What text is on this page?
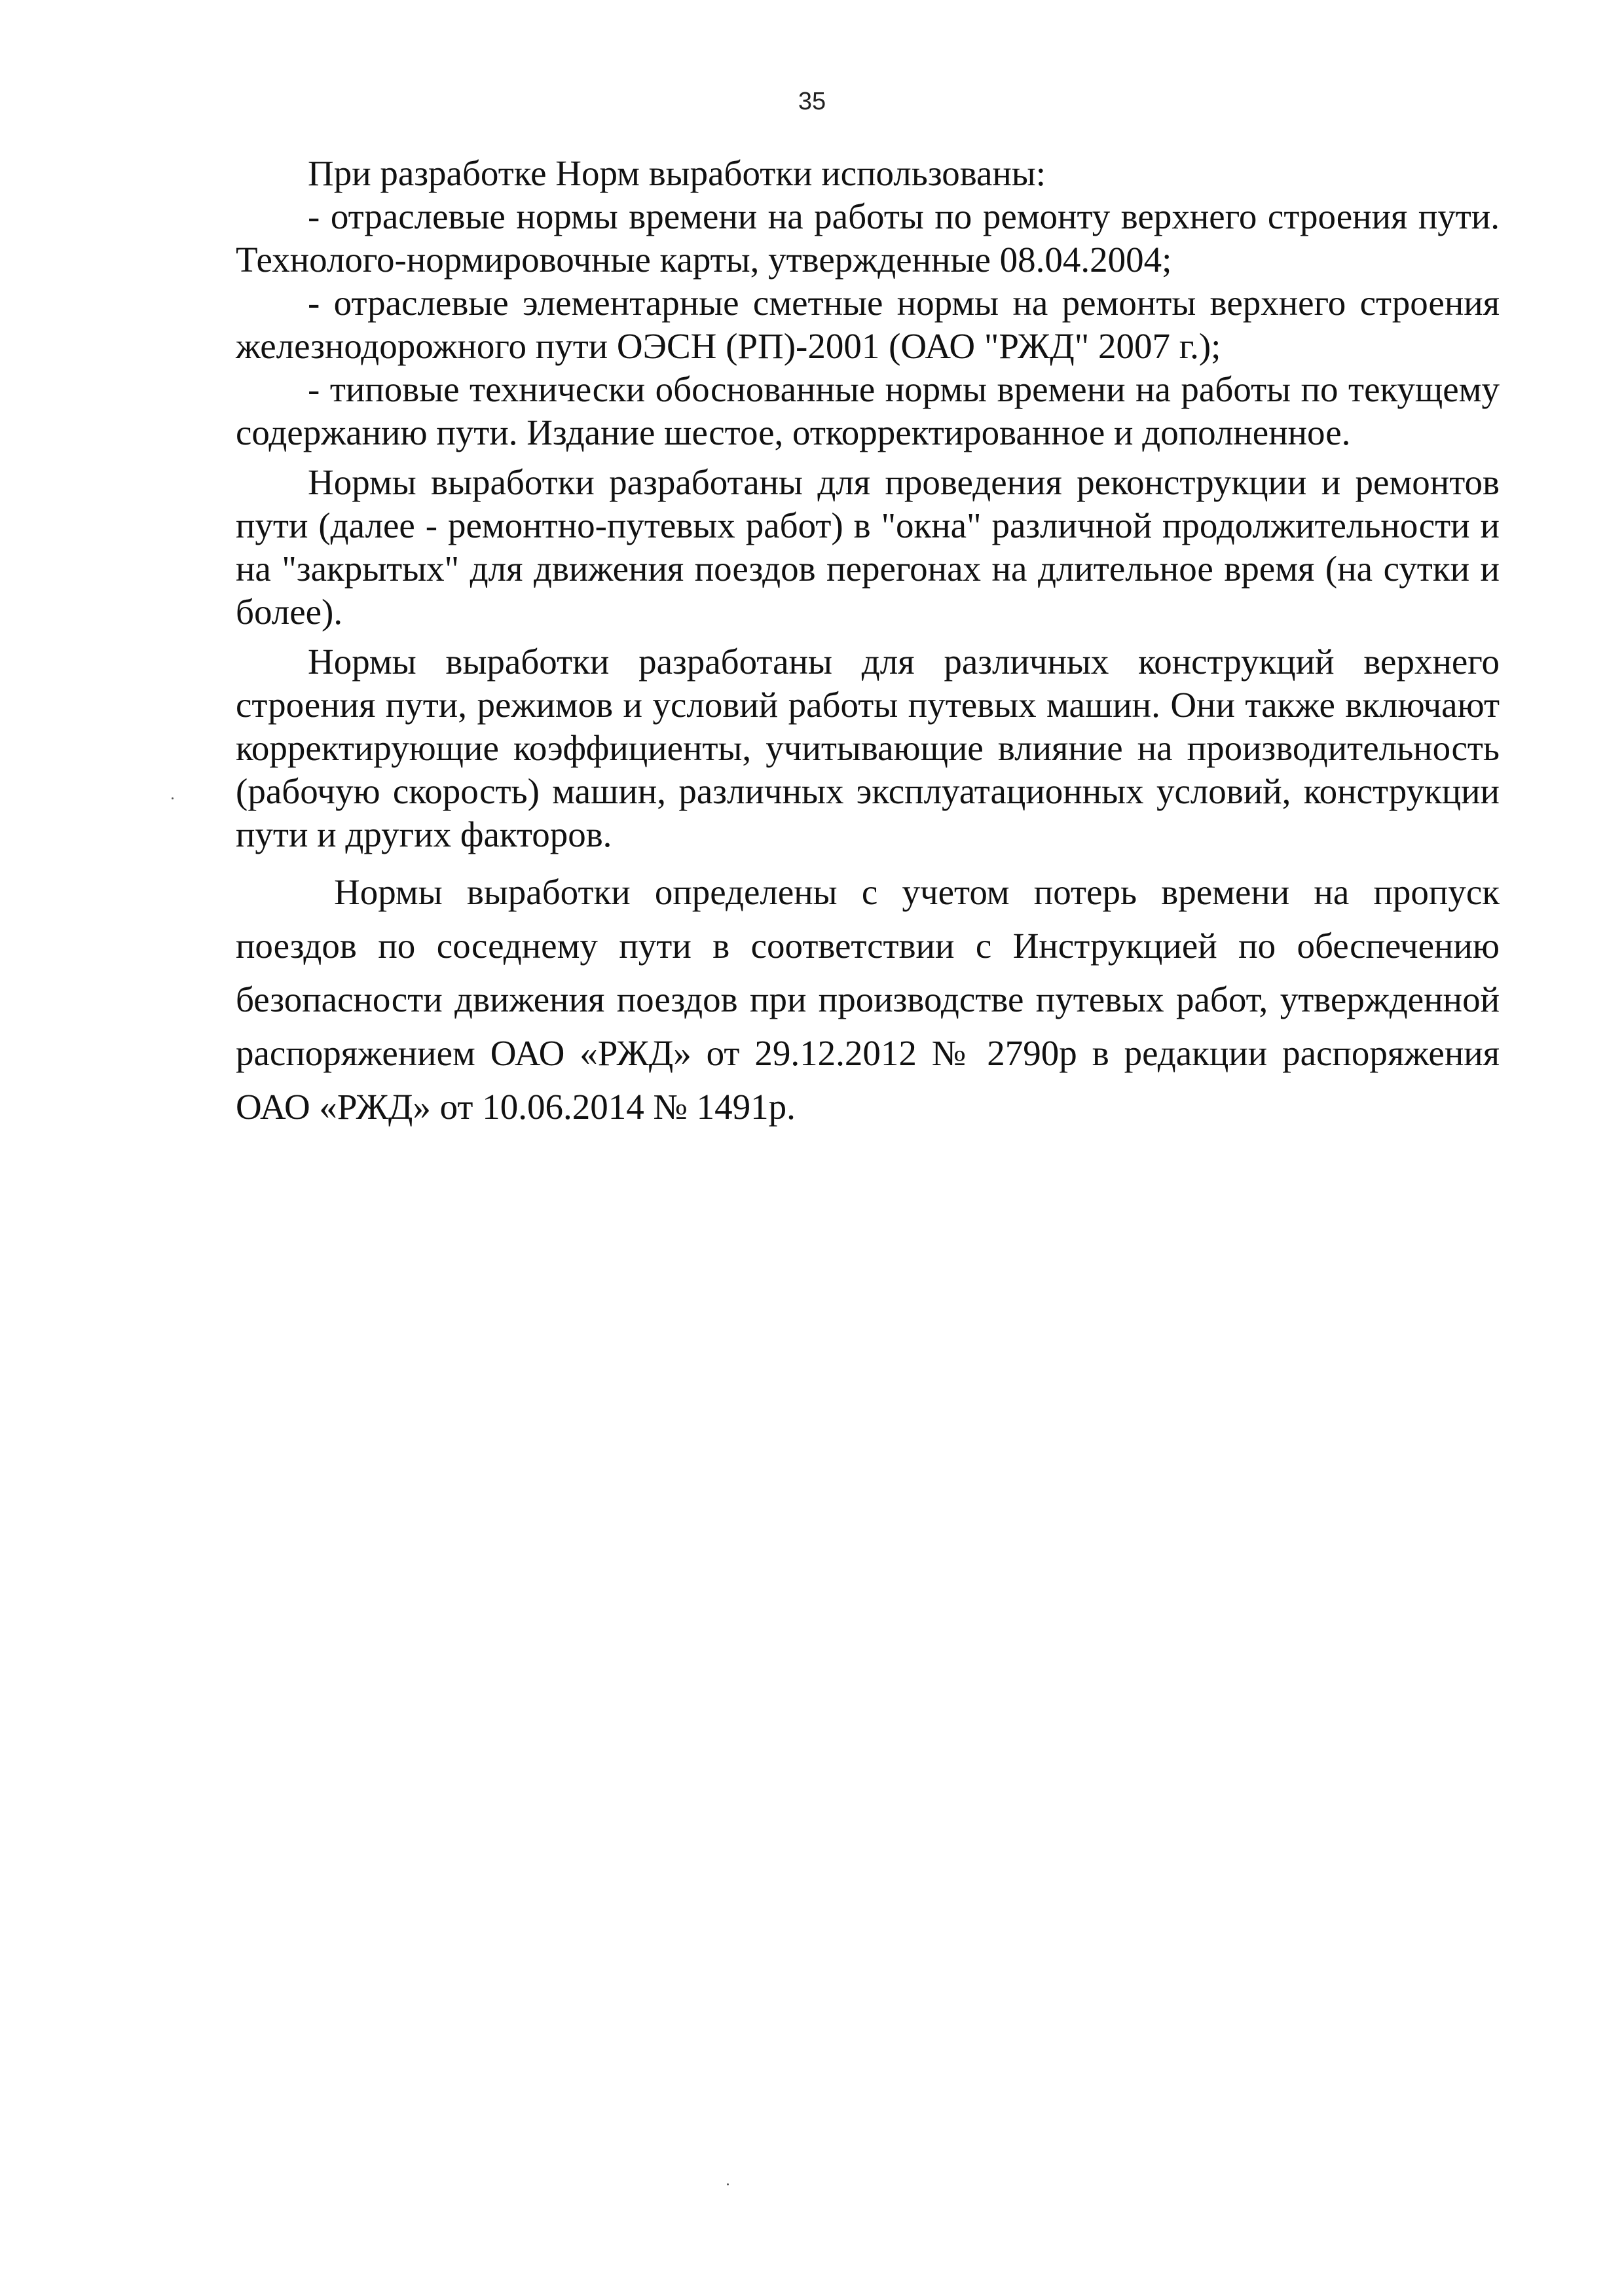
35

При разработке Норм выработки использованы:

- отраслевые нормы времени на работы по ремонту верхнего строения пути. Технолого-нормировочные карты, утвержденные 08.04.2004;

- отраслевые элементарные сметные нормы на ремонты верхнего строения железнодорожного пути ОЭСН (РП)-2001 (ОАО "РЖД" 2007 г.);

- типовые технически обоснованные нормы времени на работы по текущему содержанию пути. Издание шестое, откорректированное и дополненное.

Нормы выработки разработаны для проведения реконструкции и ремонтов пути (далее - ремонтно-путевых работ) в "окна" различной продолжительности и на "закрытых" для движения поездов перегонах на длительное время (на сутки и более).

Нормы выработки разработаны для различных конструкций верхнего строения пути, режимов и условий работы путевых машин. Они также включают корректирующие коэффициенты, учитывающие влияние на производительность (рабочую скорость) машин, различных эксплуатационных условий, конструкции пути и других факторов.

Нормы выработки определены с учетом потерь времени на пропуск поездов по соседнему пути в соответствии с Инструкцией по обеспечению безопасности движения поездов при производстве путевых работ, утвержденной распоряжением ОАО «РЖД» от 29.12.2012 № 2790р в редакции распоряжения ОАО «РЖД» от 10.06.2014 № 1491р.
